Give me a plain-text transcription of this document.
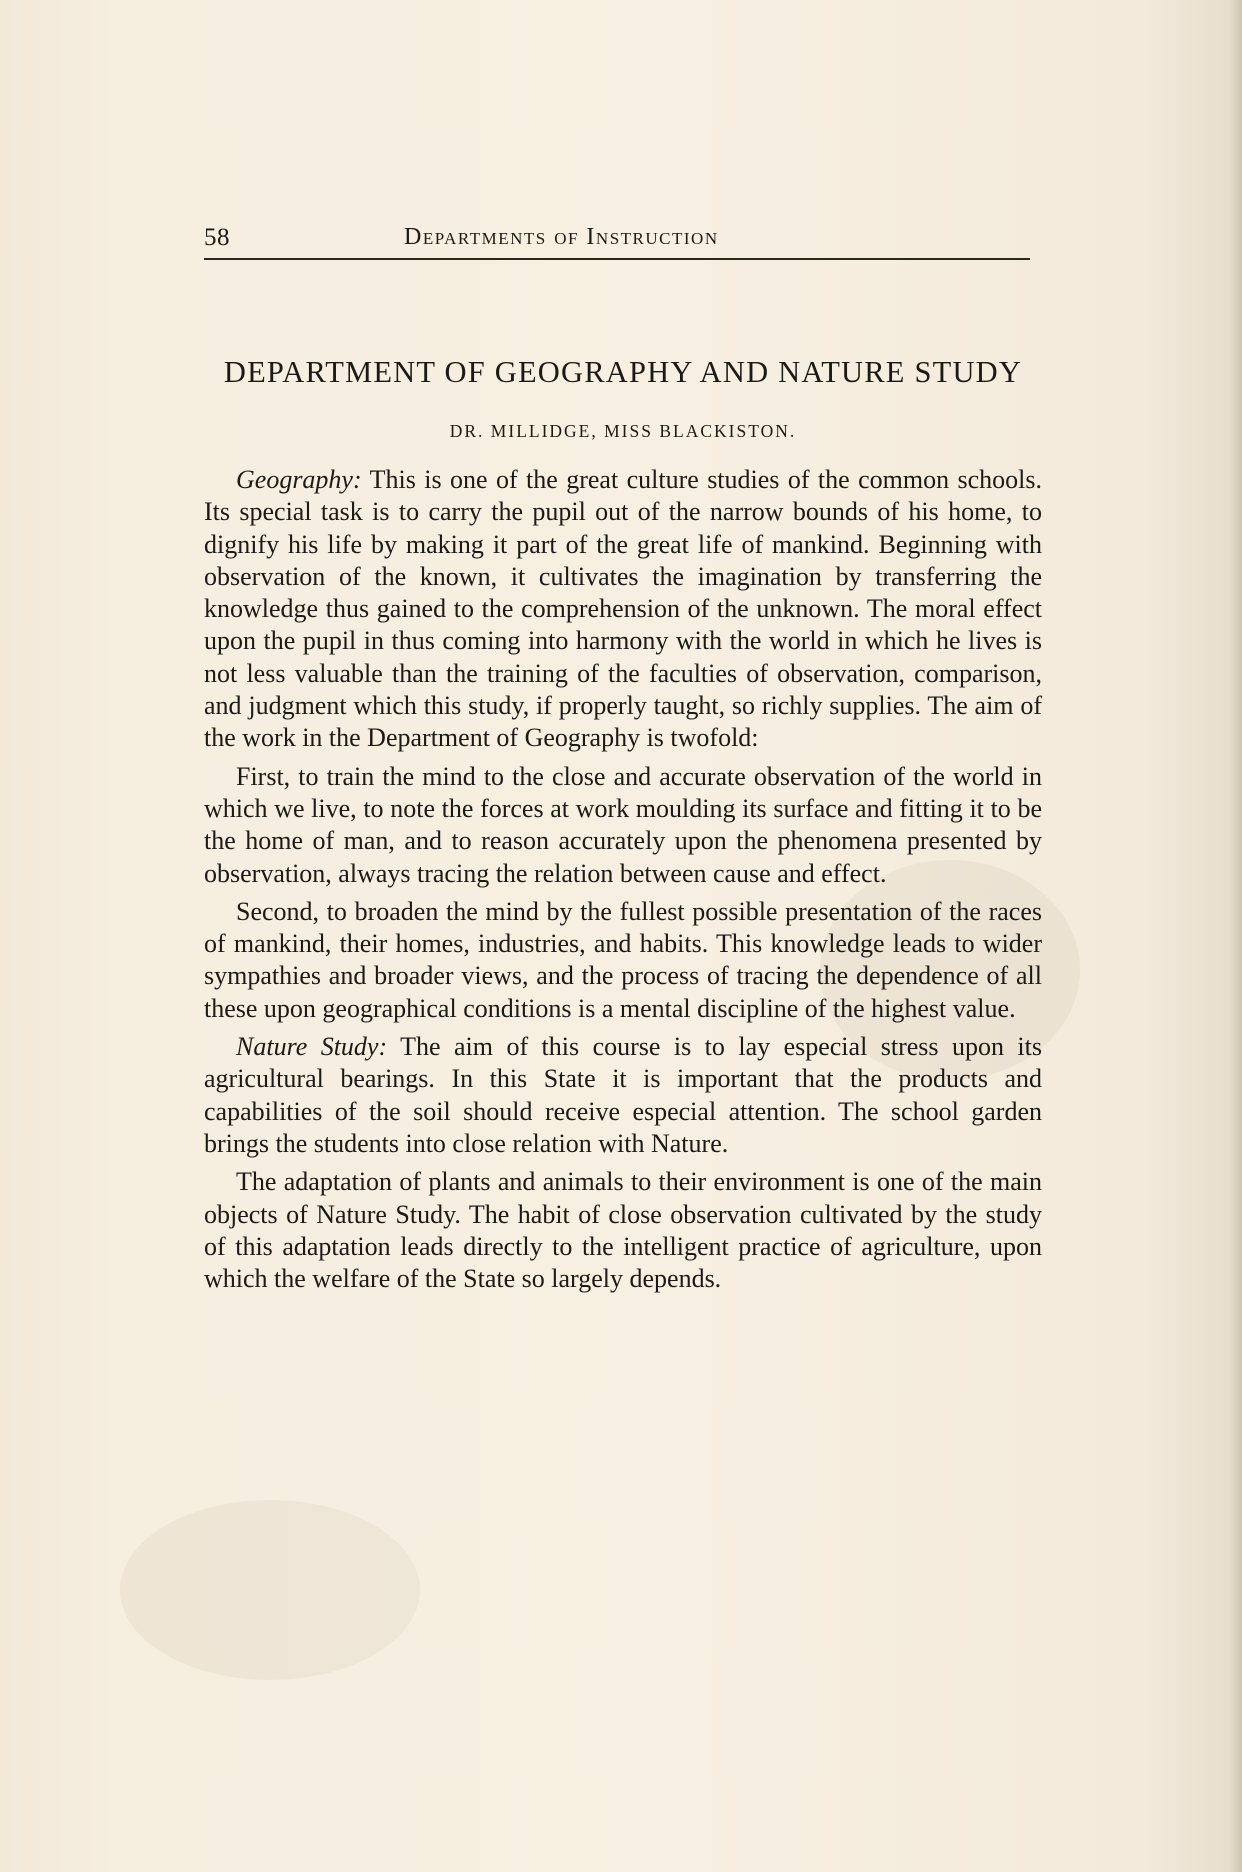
58	Departments of Instruction
DEPARTMENT OF GEOGRAPHY AND NATURE STUDY
DR. MILLIDGE, MISS BLACKISTON.

Geography: This is one of the great culture studies of the common schools. Its special task is to carry the pupil out of the narrow bounds of his home, to dignify his life by making it part of the great life of mankind. Beginning with observation of the known, it cultivates the imagination by transferring the knowledge thus gained to the comprehension of the unknown. The moral effect upon the pupil in thus coming into harmony with the world in which he lives is not less valuable than the training of the faculties of observation, comparison, and judgment which this study, if properly taught, so richly supplies. The aim of the work in the Department of Geography is twofold:

First, to train the mind to the close and accurate observation of the world in which we live, to note the forces at work moulding its surface and fitting it to be the home of man, and to reason accurately upon the phenomena presented by observation, always tracing the relation between cause and effect.

Second, to broaden the mind by the fullest possible presentation of the races of mankind, their homes, industries, and habits. This knowledge leads to wider sympathies and broader views, and the process of tracing the dependence of all these upon geographical conditions is a mental discipline of the highest value.

Nature Study: The aim of this course is to lay especial stress upon its agricultural bearings. In this State it is important that the products and capabilities of the soil should receive especial attention. The school garden brings the students into close relation with Nature.

The adaptation of plants and animals to their environment is one of the main objects of Nature Study. The habit of close observation cultivated by the study of this adaptation leads directly to the intelligent practice of agriculture, upon which the welfare of the State so largely depends.
